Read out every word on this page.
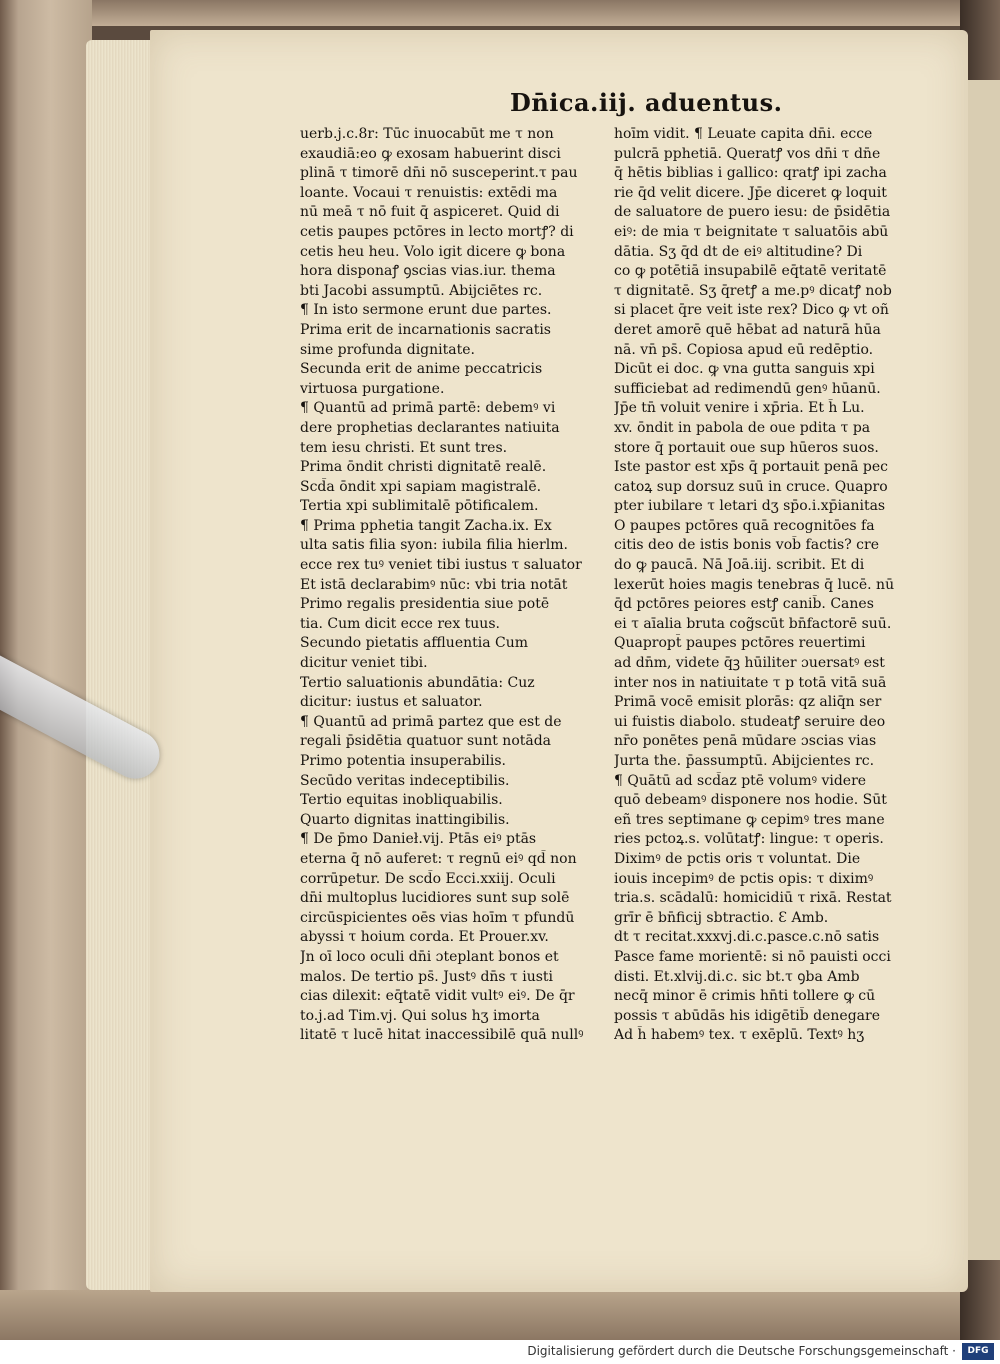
Dn̄ica.iij. aduentus.
uerb.j.c.8r: Tūc inuocabūt me τ non
exaudiā:eo ꝙ exosam habuerint disci
plinā τ timorē dn̄i nō susceperint.τ pau
loante. Vocaui τ renuistis: extēdi ma
nū meā τ nō fuit q̄ aspiceret. Quid di
cetis paupes pctōres in lecto mortꝭ? di
cetis heu heu. Volo igit dicere ꝙ bona
hora disponaꝭ ꝯscias vias.iur. thema
bti Jacobi assumptū. Abijciētes rc.
¶ In isto sermone erunt due partes.
Prima erit de incarnationis sacratis
sime profunda dignitate.
Secunda erit de anime peccatricis
virtuosa purgatione.
¶ Quantū ad primā partē: debemꝰ vi
dere prophetias declarantes natiuita
tem iesu christi. Et sunt tres.
Prima ōndit christi dignitatē realē.
Scd̄a ōndit xpi sapiam magistralē.
Tertia xpi sublimitalē pōtificalem.
¶ Prima pphetia tangit Zacha.ix. Ex
ulta satis filia syon: iubila filia hierlm.
ecce rex tuꝰ veniet tibi iustus τ saluator
Et istā declarabimꝰ nūc: vbi tria notāt
Primo regalis presidentia siue potē
tia. Cum dicit ecce rex tuus.
Secundo pietatis affluentia Cum
dicitur veniet tibi.
Tertio saluationis abundātia: Cuz
dicitur: iustus et saluator.
¶ Quantū ad primā partez que est de
regali p̄sidētia quatuor sunt notāda
Primo potentia insuperabilis.
Secūdo veritas indeceptibilis.
Tertio equitas inobliquabilis.
Quarto dignitas inattingibilis.
¶ De p̄mo Danieł.vij. Ptās eiꝰ ptās
eterna q̄ nō auferet: τ regnū eiꝰ qd̄ non
corrūpetur. De scd̄o Ecci.xxiij. Oculi
dn̄i multoplus lucidiores sunt sup solē
circūspicientes oēs vias hoīm τ pfundū
abyssi τ hoium corda. Et Prouer.xv.
Jn oī loco oculi dn̄i ɔteplant bonos et
malos. De tertio ps̄. Justꝰ dn̄s τ iusti
cias dilexit: eq̄tatē vidit vultꝰ eiꝰ. De q̄r
to.j.ad Tim.vj. Qui solus hʒ imorta
litatē τ lucē hitat inaccessibilē quā nullꝰ
hoīm vidit. ¶ Leuate capita dn̄i. ecce
pulcrā pphetiā. Queratꝭ vos dn̄i τ dn̄e
q̄ hētis biblias i gallico: qratꝭ ipi zacha
rie q̄d velit dicere. Jp̄e diceret ꝙ loquit
de saluatore de puero iesu: de p̄sidētia
eiꝰ: de mia τ beignitate τ saluatōis abū
dātia. Sʒ q̄d dt de eiꝰ altitudine? Di
co ꝙ potētiā insupabilē eq̄tatē veritatē
τ dignitatē. Sʒ q̄retꝭ a me.pꝰ dicatꝭ nob
si placet q̄re veit iste rex? Dico ꝙ vt oñ
deret amorē quē hēbat ad naturā hūa
nā. vn̄ ps̄. Copiosa apud eū redēptio.
Dicūt ei doc. ꝙ vna gutta sanguis xpi
sufficiebat ad redimendū genꝰ hūanū.
Jp̄e tn̄ voluit venire i xp̄ria. Et h̄ Lu.
xv. ōndit in pabola de oue pdita τ pa
store q̄ portauit oue sup hūeros suos.
Iste pastor est xp̄s q̄ portauit penā pec
catoꝝ sup dorsuz suū in cruce. Quapro
pter iubilare τ letari dʒ sp̄o.i.xp̄ianitas
O paupes pctōres quā recognitōes fa
citis deo de istis bonis vob̄ factis? cre
do ꝙ paucā. Nā Joā.iij. scribit. Et di
lexerūt hoies magis tenebras q̄ lucē. nū
q̄d pctōres peiores estꝭ canib̄. Canes
ei τ aīalia bruta cog̃scūt bn̄factorē suū.
Quapropt̄ paupes pctōres reuertimi
ad dn̄m, videte q̄ꝫ hūiliter ɔuersatꝰ est
inter nos in natiuitate τ p totā vitā suā
Primā vocē emisit plorās: qz aliq̄n ser
ui fuistis diabolo. studeatꝭ seruire deo
nr̄o ponētes penā mūdare ɔscias vias
Jurta the. p̄assumptū. Abijcientes rc.
¶ Quātū ad scd̄az ptē volumꝰ videre
quō debeamꝰ disponere nos hodie. Sūt
eñ tres septimane ꝙ cepimꝰ tres mane
ries pctoꝝ.s. volūtatꝭ: lingue: τ operis.
Diximꝰ de pctis oris τ voluntat. Die
iouis incepimꝰ de pctis opis: τ diximꝰ
tria.s. scādalū: homicidiū τ rixā. Restat
grīr ē bn̄ficij sbtractio. Ɛ Amb.
dt τ recitat.xxxvj.di.c.pasce.c.nō satis
Pasce fame morientē: si nō pauisti occi
disti. Et.xlvij.di.c. sic bt.τ ꝯba Amb
necq̄ minor ē crimis hn̄ti tollere ꝙ cū
possis τ abūdās his idigētib̄ denegare
Ad h̄ habemꝰ tex. τ exēplū. Textꝰ hʒ
Digitalisierung gefördert durch die Deutsche Forschungsgemeinschaft ·	DFG
